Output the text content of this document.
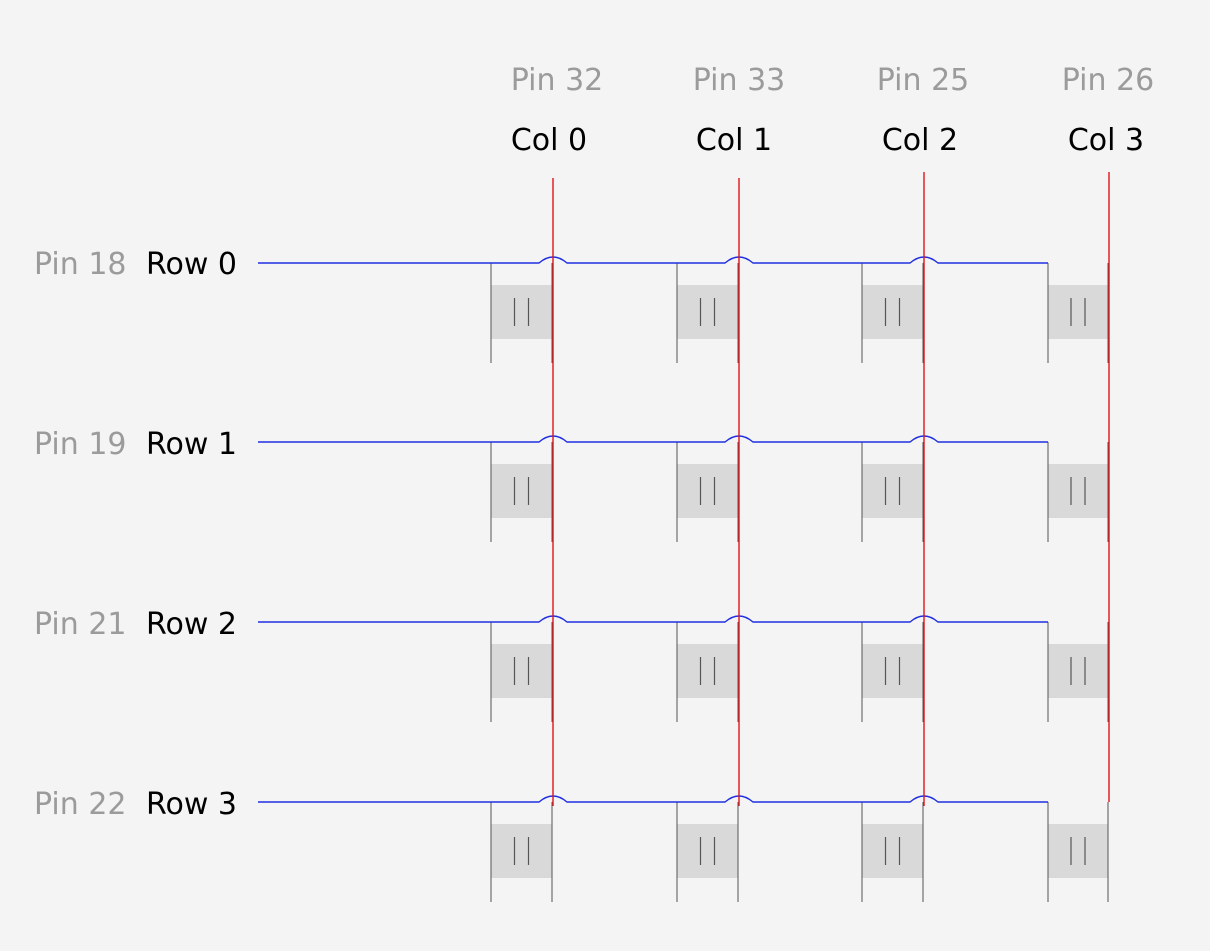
Pin 32
Col 0
Pin 33
Col 1
Pin 25
Col 2
Pin 26
Col 3
Pin 18 Row 0
Pin 19 Row 1
Pin 21 Row 2
Pin 22 Row 3
